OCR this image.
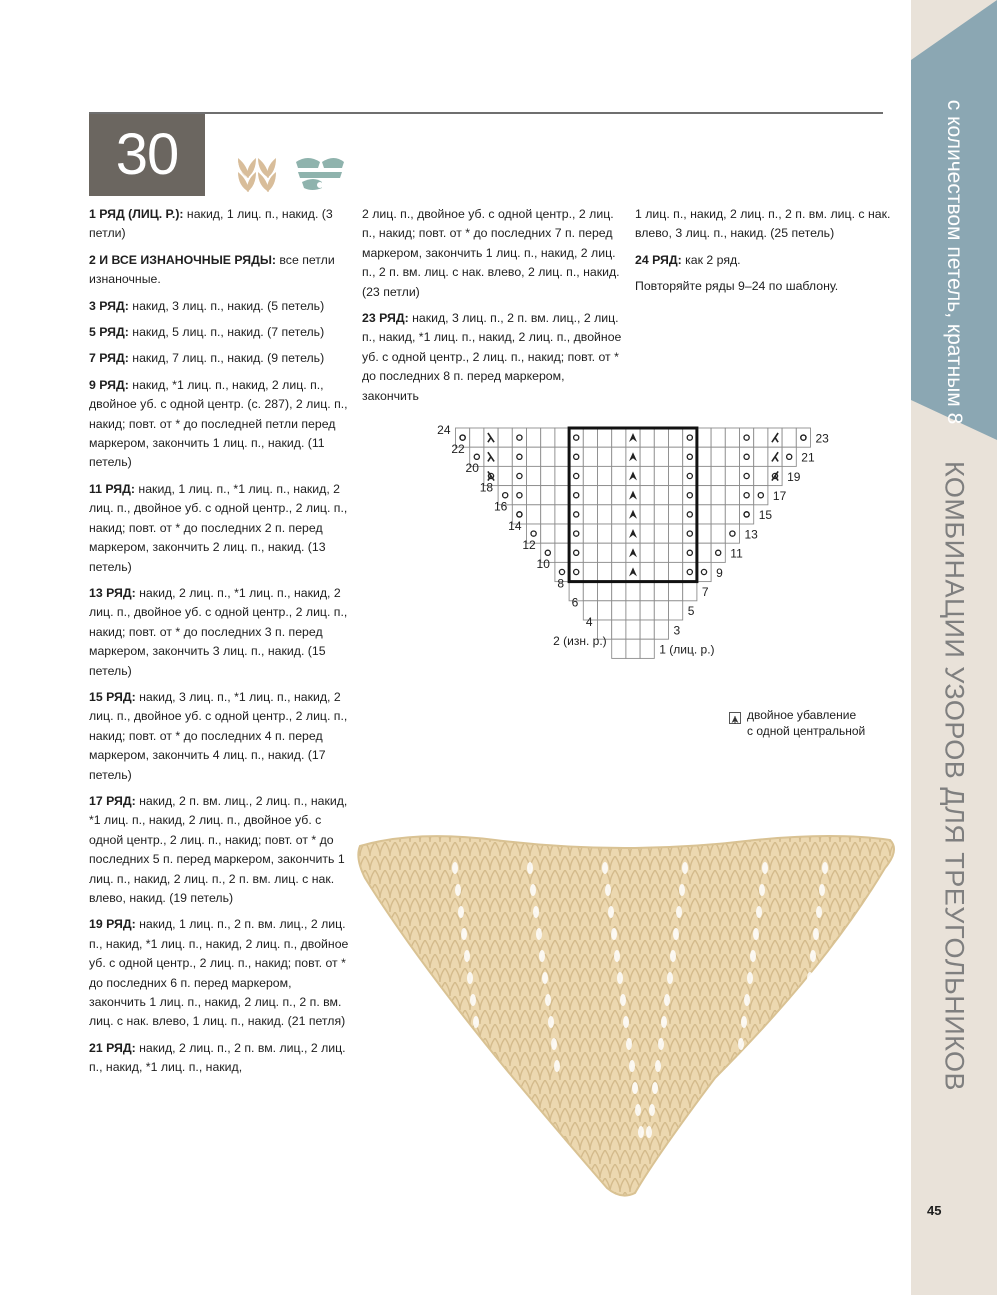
30

1 РЯД (ЛИЦ. Р.): накид, 1 лиц. п., накид. (3 петли)

2 И ВСЕ ИЗНАНОЧНЫЕ РЯДЫ: все петли изнаночные.

3 РЯД: накид, 3 лиц. п., накид. (5 петель)

5 РЯД: накид, 5 лиц. п., накид. (7 петель)

7 РЯД: накид, 7 лиц. п., накид. (9 петель)

9 РЯД: накид, *1 лиц. п., накид, 2 лиц. п., двойное уб. с одной центр. (с. 287), 2 лиц. п., накид; повт. от * до последней петли перед маркером, закончить 1 лиц. п., накид. (11 петель)

11 РЯД: накид, 1 лиц. п., *1 лиц. п., накид, 2 лиц. п., двойное уб. с одной центр., 2 лиц. п., накид; повт. от * до последних 2 п. перед маркером, закончить 2 лиц. п., накид. (13 петель)

13 РЯД: накид, 2 лиц. п., *1 лиц. п., накид, 2 лиц. п., двойное уб. с одной центр., 2 лиц. п., накид; повт. от * до последних 3 п. перед маркером, закончить 3 лиц. п., накид. (15 петель)

15 РЯД: накид, 3 лиц. п., *1 лиц. п., накид, 2 лиц. п., двойное уб. с одной центр., 2 лиц. п., накид; повт. от * до последних 4 п. перед маркером, закончить 4 лиц. п., накид. (17 петель)

17 РЯД: накид, 2 п. вм. лиц., 2 лиц. п., накид, *1 лиц. п., накид, 2 лиц. п., двойное уб. с одной центр., 2 лиц. п., накид; повт. от * до последних 5 п. перед маркером, закончить 1 лиц. п., накид, 2 лиц. п., 2 п. вм. лиц. с нак. влево, накид. (19 петель)

19 РЯД: накид, 1 лиц. п., 2 п. вм. лиц., 2 лиц. п., накид, *1 лиц. п., накид, 2 лиц. п., двойное уб. с одной центр., 2 лиц. п., накид; повт. от * до последних 6 п. перед маркером, закончить 1 лиц. п., накид, 2 лиц. п., 2 п. вм. лиц. с нак. влево, 1 лиц. п., накид. (21 петля)

21 РЯД: накид, 2 лиц. п., 2 п. вм. лиц., 2 лиц. п., накид, *1 лиц. п., накид,

2 лиц. п., двойное уб. с одной центр., 2 лиц. п., накид; повт. от * до последних 7 п. перед маркером, закончить 1 лиц. п., накид, 2 лиц. п., 2 п. вм. лиц. с нак. влево, 2 лиц. п., накид. (23 петли)

23 РЯД: накид, 3 лиц. п., 2 п. вм. лиц., 2 лиц. п., накид, *1 лиц. п., накид, 2 лиц. п., двойное уб. с одной центр., 2 лиц. п., накид; повт. от * до последних 8 п. перед маркером, закончить

1 лиц. п., накид, 2 лиц. п., 2 п. вм. лиц. с нак. влево, 3 лиц. п., накид. (25 петель)

24 РЯД: как 2 ряд.

Повторяйте ряды 9–24 по шаблону.

23
24
21
22
19
20
17
18
15
16
13
14
11
12
9
10
7
8
5
6
3
4
1 (лиц. р.)
2 (изн. р.)
двойное убавление
с одной центральной
с количеством петель, кратным 8
КОМБИНАЦИИ УЗОРОВ ДЛЯ ТРЕУГОЛЬНИКОВ
45
